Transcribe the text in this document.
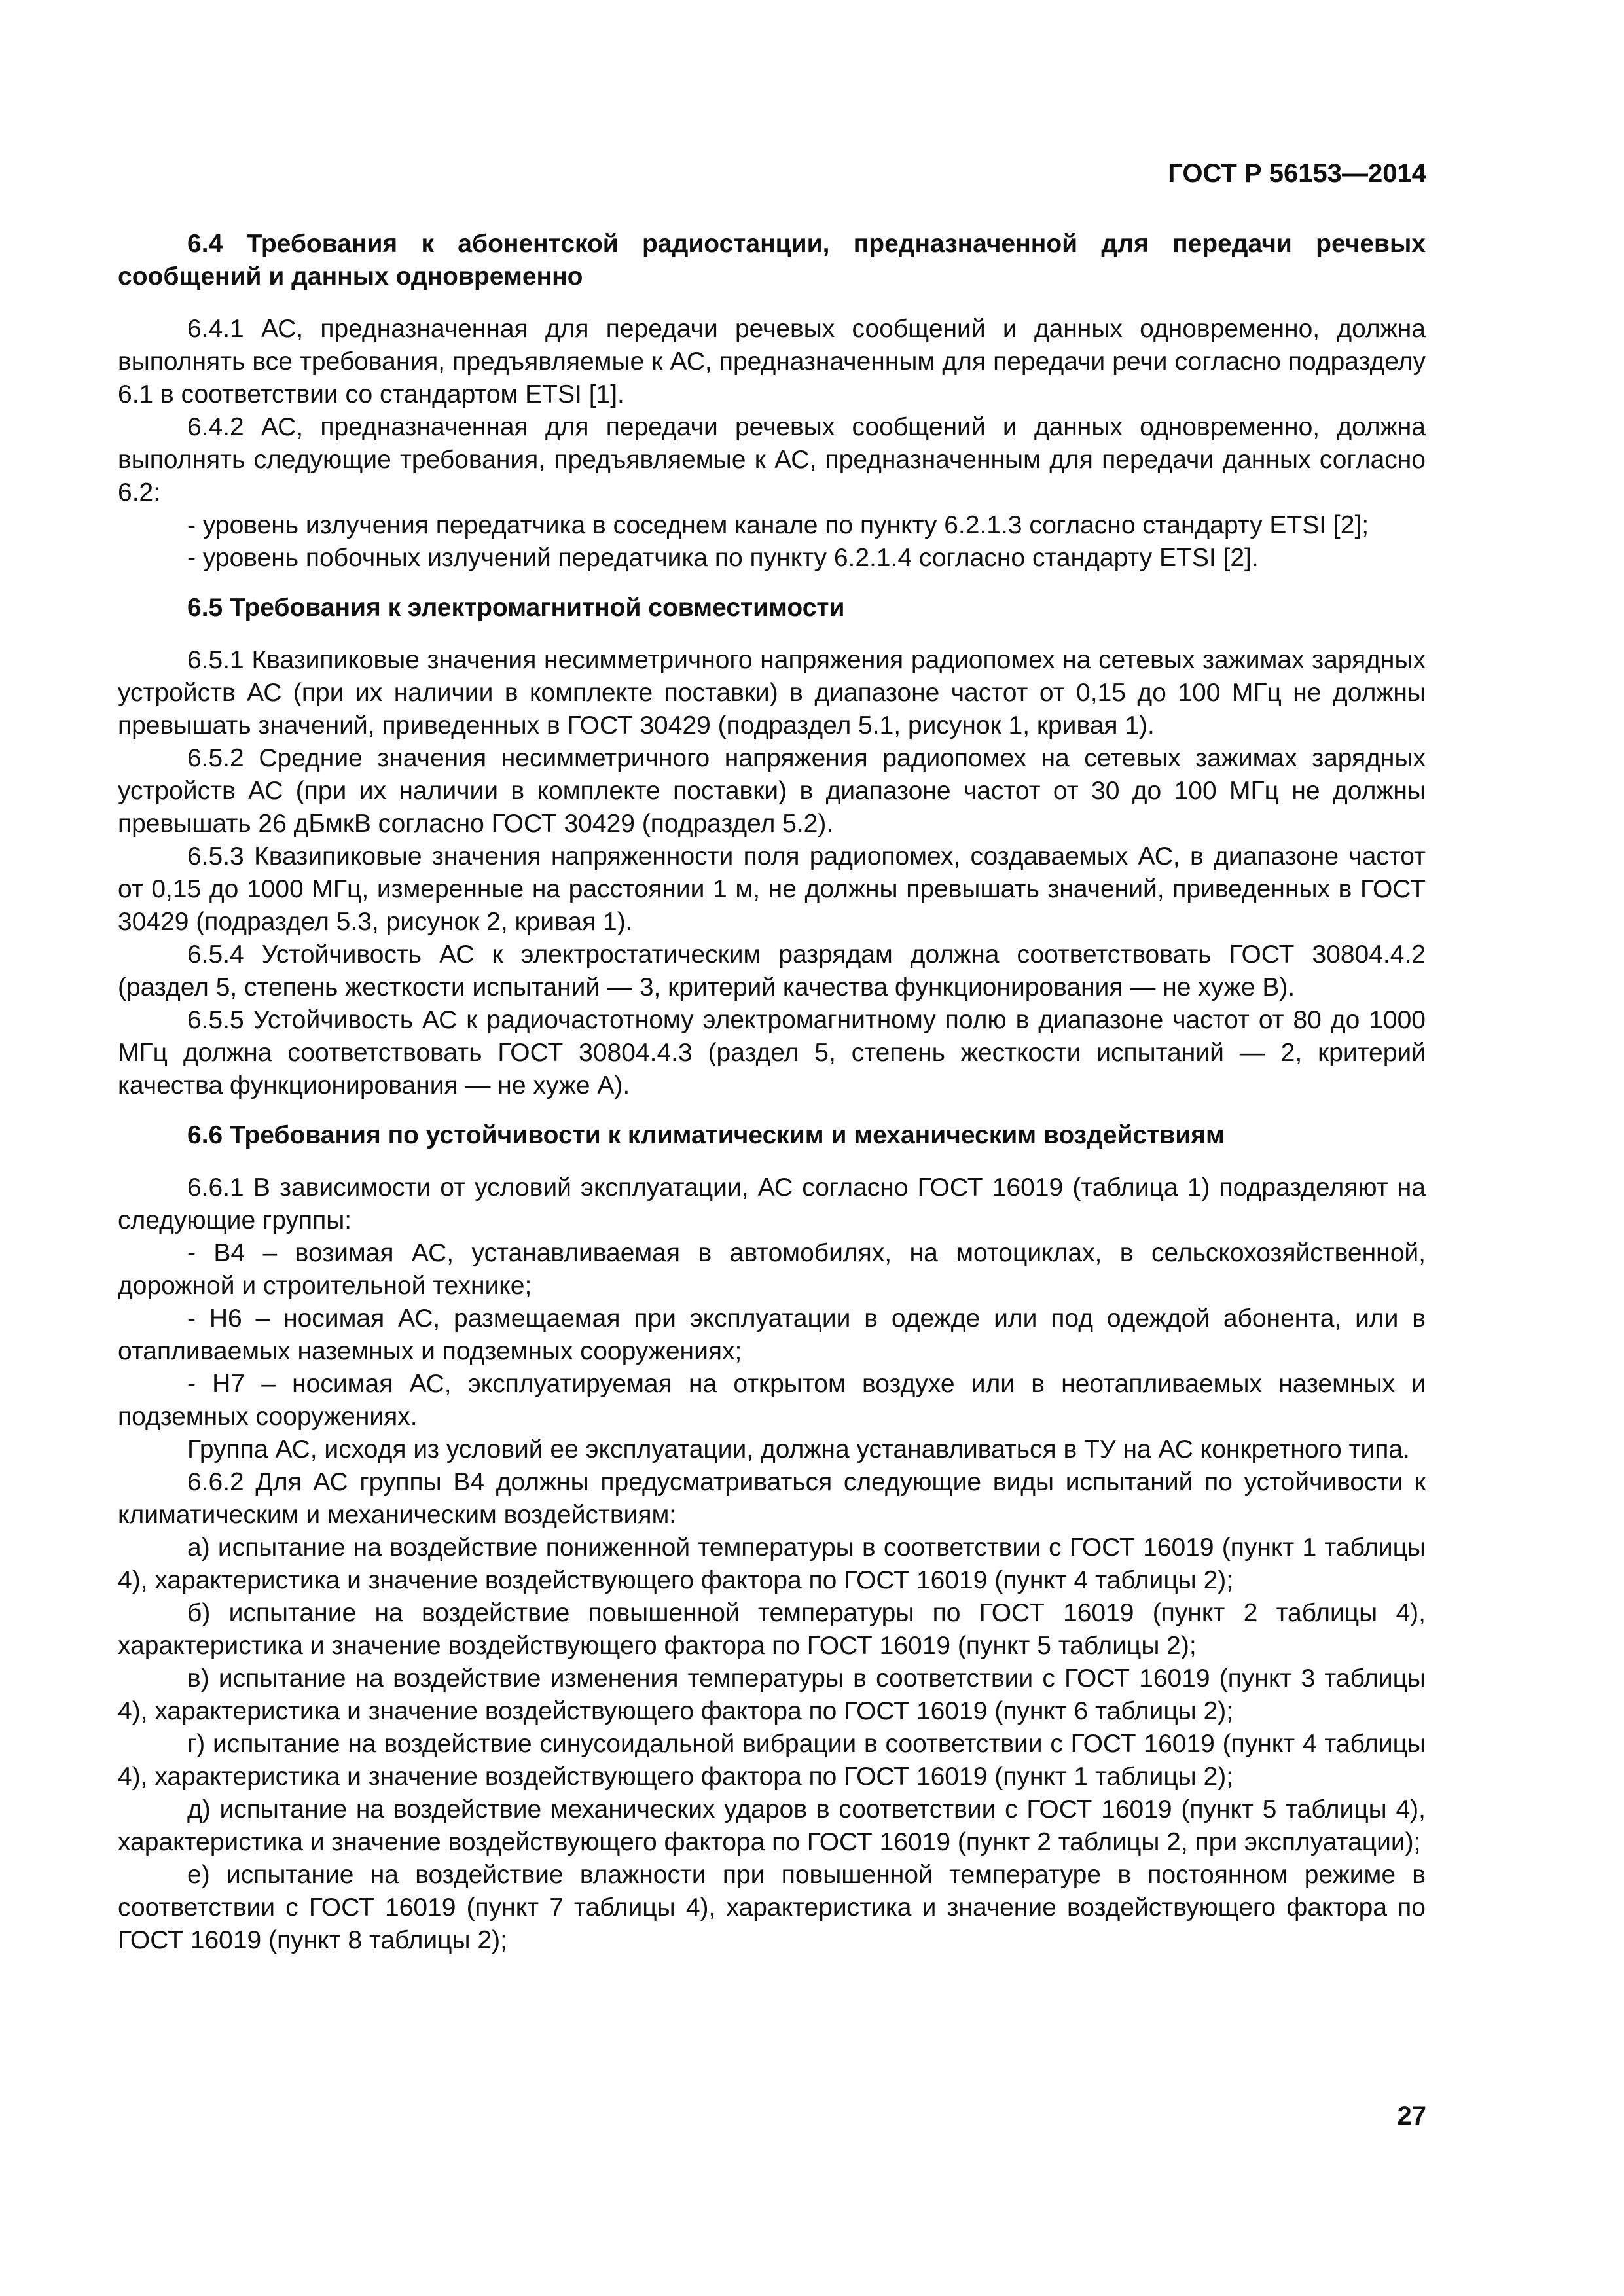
ГОСТ Р 56153—2014
6.4 Требования к абонентской радиостанции, предназначенной для передачи речевых сообщений и данных одновременно
6.4.1 АС, предназначенная для передачи речевых сообщений и данных одновременно, должна выполнять все требования, предъявляемые к АС, предназначенным для передачи речи согласно подразделу 6.1 в соответствии со стандартом ETSI [1].
6.4.2 АС, предназначенная для передачи речевых сообщений и данных одновременно, должна выполнять следующие требования, предъявляемые к АС, предназначенным для передачи данных согласно 6.2:
- уровень излучения передатчика в соседнем канале по пункту 6.2.1.3 согласно стандарту ETSI [2];
- уровень побочных излучений передатчика по пункту 6.2.1.4 согласно стандарту ETSI [2].
6.5 Требования к электромагнитной совместимости
6.5.1 Квазипиковые значения несимметричного напряжения радиопомех на сетевых зажимах зарядных устройств АС (при их наличии в комплекте поставки) в диапазоне частот от 0,15 до 100 МГц не должны превышать значений, приведенных в ГОСТ 30429 (подраздел 5.1, рисунок 1, кривая 1).
6.5.2 Средние значения несимметричного напряжения радиопомех на сетевых зажимах зарядных устройств АС (при их наличии в комплекте поставки) в диапазоне частот от 30 до 100 МГц не должны превышать 26 дБмкВ согласно ГОСТ 30429 (подраздел 5.2).
6.5.3 Квазипиковые значения напряженности поля радиопомех, создаваемых АС, в диапазоне частот от 0,15 до 1000 МГц, измеренные на расстоянии 1 м, не должны превышать значений, приведенных в ГОСТ 30429 (подраздел 5.3, рисунок 2, кривая 1).
6.5.4 Устойчивость АС к электростатическим разрядам должна соответствовать ГОСТ 30804.4.2 (раздел 5, степень жесткости испытаний — 3, критерий качества функционирования — не хуже В).
6.5.5 Устойчивость АС к радиочастотному электромагнитному полю в диапазоне частот от 80 до 1000 МГц должна соответствовать ГОСТ 30804.4.3 (раздел 5, степень жесткости испытаний — 2, критерий качества функционирования — не хуже А).
6.6 Требования по устойчивости к климатическим и механическим воздействиям
6.6.1 В зависимости от условий эксплуатации, АС согласно ГОСТ 16019 (таблица 1) подразделяют на следующие группы:
- В4 – возимая АС, устанавливаемая в автомобилях, на мотоциклах, в сельскохозяйственной, дорожной и строительной технике;
- Н6 – носимая АС, размещаемая при эксплуатации в одежде или под одеждой абонента, или в отапливаемых наземных и подземных сооружениях;
- Н7 – носимая АС, эксплуатируемая на открытом воздухе или в неотапливаемых наземных и подземных сооружениях.
Группа АС, исходя из условий ее эксплуатации, должна устанавливаться в ТУ на АС конкретного типа.
6.6.2 Для АС группы В4 должны предусматриваться следующие виды испытаний по устойчивости к климатическим и механическим воздействиям:
а) испытание на воздействие пониженной температуры в соответствии с ГОСТ 16019 (пункт 1 таблицы 4), характеристика и значение воздействующего фактора по ГОСТ 16019 (пункт 4 таблицы 2);
б) испытание на воздействие повышенной температуры по ГОСТ 16019 (пункт 2 таблицы 4), характеристика и значение воздействующего фактора по ГОСТ 16019 (пункт 5 таблицы 2);
в) испытание на воздействие изменения температуры в соответствии с ГОСТ 16019 (пункт 3 таблицы 4), характеристика и значение воздействующего фактора по ГОСТ 16019 (пункт 6 таблицы 2);
г) испытание на воздействие синусоидальной вибрации в соответствии с ГОСТ 16019 (пункт 4 таблицы 4), характеристика и значение воздействующего фактора по ГОСТ 16019 (пункт 1 таблицы 2);
д) испытание на воздействие механических ударов в соответствии с ГОСТ 16019 (пункт 5 таблицы 4), характеристика и значение воздействующего фактора по ГОСТ 16019 (пункт 2 таблицы 2, при эксплуатации);
е) испытание на воздействие влажности при повышенной температуре в постоянном режиме в соответствии с ГОСТ 16019 (пункт 7 таблицы 4), характеристика и значение воздействующего фактора по ГОСТ 16019 (пункт 8 таблицы 2);
27
